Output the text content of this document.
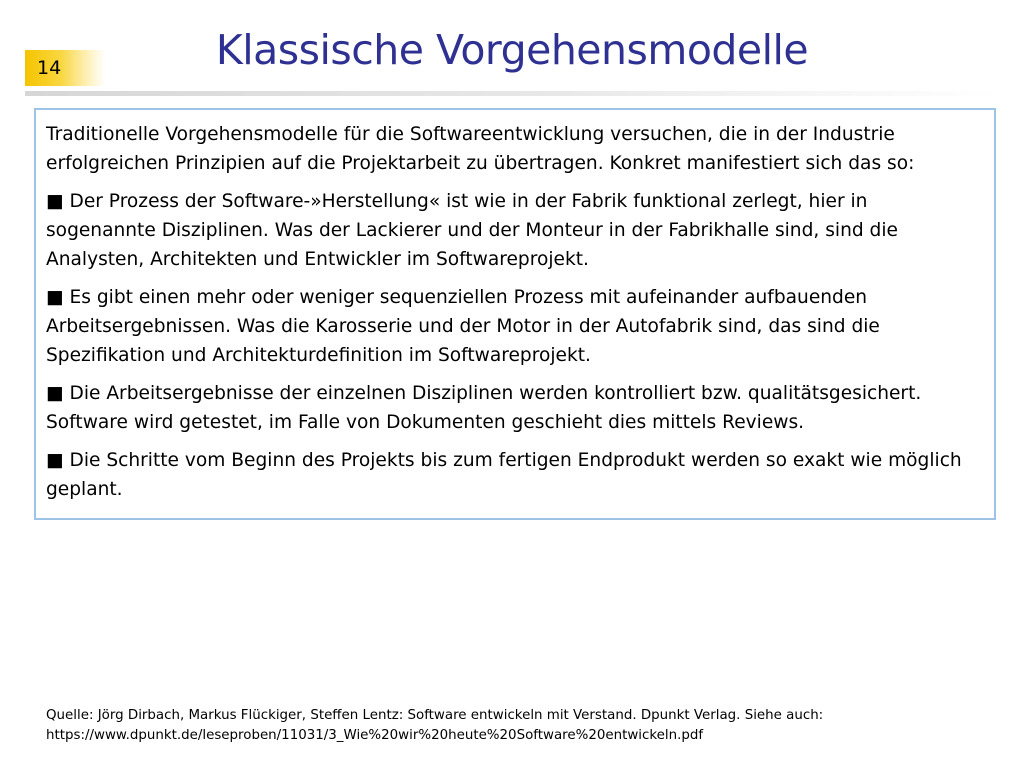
14	Klassische Vorgehensmodelle

Traditionelle Vorgehensmodelle für die Softwareentwicklung versuchen, die in der Industrie erfolgreichen Prinzipien auf die Projektarbeit zu übertragen. Konkret manifestiert sich das so:

■ Der Prozess der Software-»Herstellung« ist wie in der Fabrik funktional zerlegt, hier in sogenannte Disziplinen. Was der Lackierer und der Monteur in der Fabrikhalle sind, sind die Analysten, Architekten und Entwickler im Softwareprojekt.

■ Es gibt einen mehr oder weniger sequenziellen Prozess mit aufeinander aufbauenden Arbeitsergebnissen. Was die Karosserie und der Motor in der Autofabrik sind, das sind die Spezifikation und Architekturdefinition im Softwareprojekt.

■ Die Arbeitsergebnisse der einzelnen Disziplinen werden kontrolliert bzw. qualitätsgesichert. Software wird getestet, im Falle von Dokumenten geschieht dies mittels Reviews.

■ Die Schritte vom Beginn des Projekts bis zum fertigen Endprodukt werden so exakt wie möglich geplant.

Quelle: Jörg Dirbach, Markus Flückiger, Steffen Lentz: Software entwickeln mit Verstand. Dpunkt Verlag. Siehe auch:
https://www.dpunkt.de/leseproben/11031/3_Wie%20wir%20heute%20Software%20entwickeln.pdf
